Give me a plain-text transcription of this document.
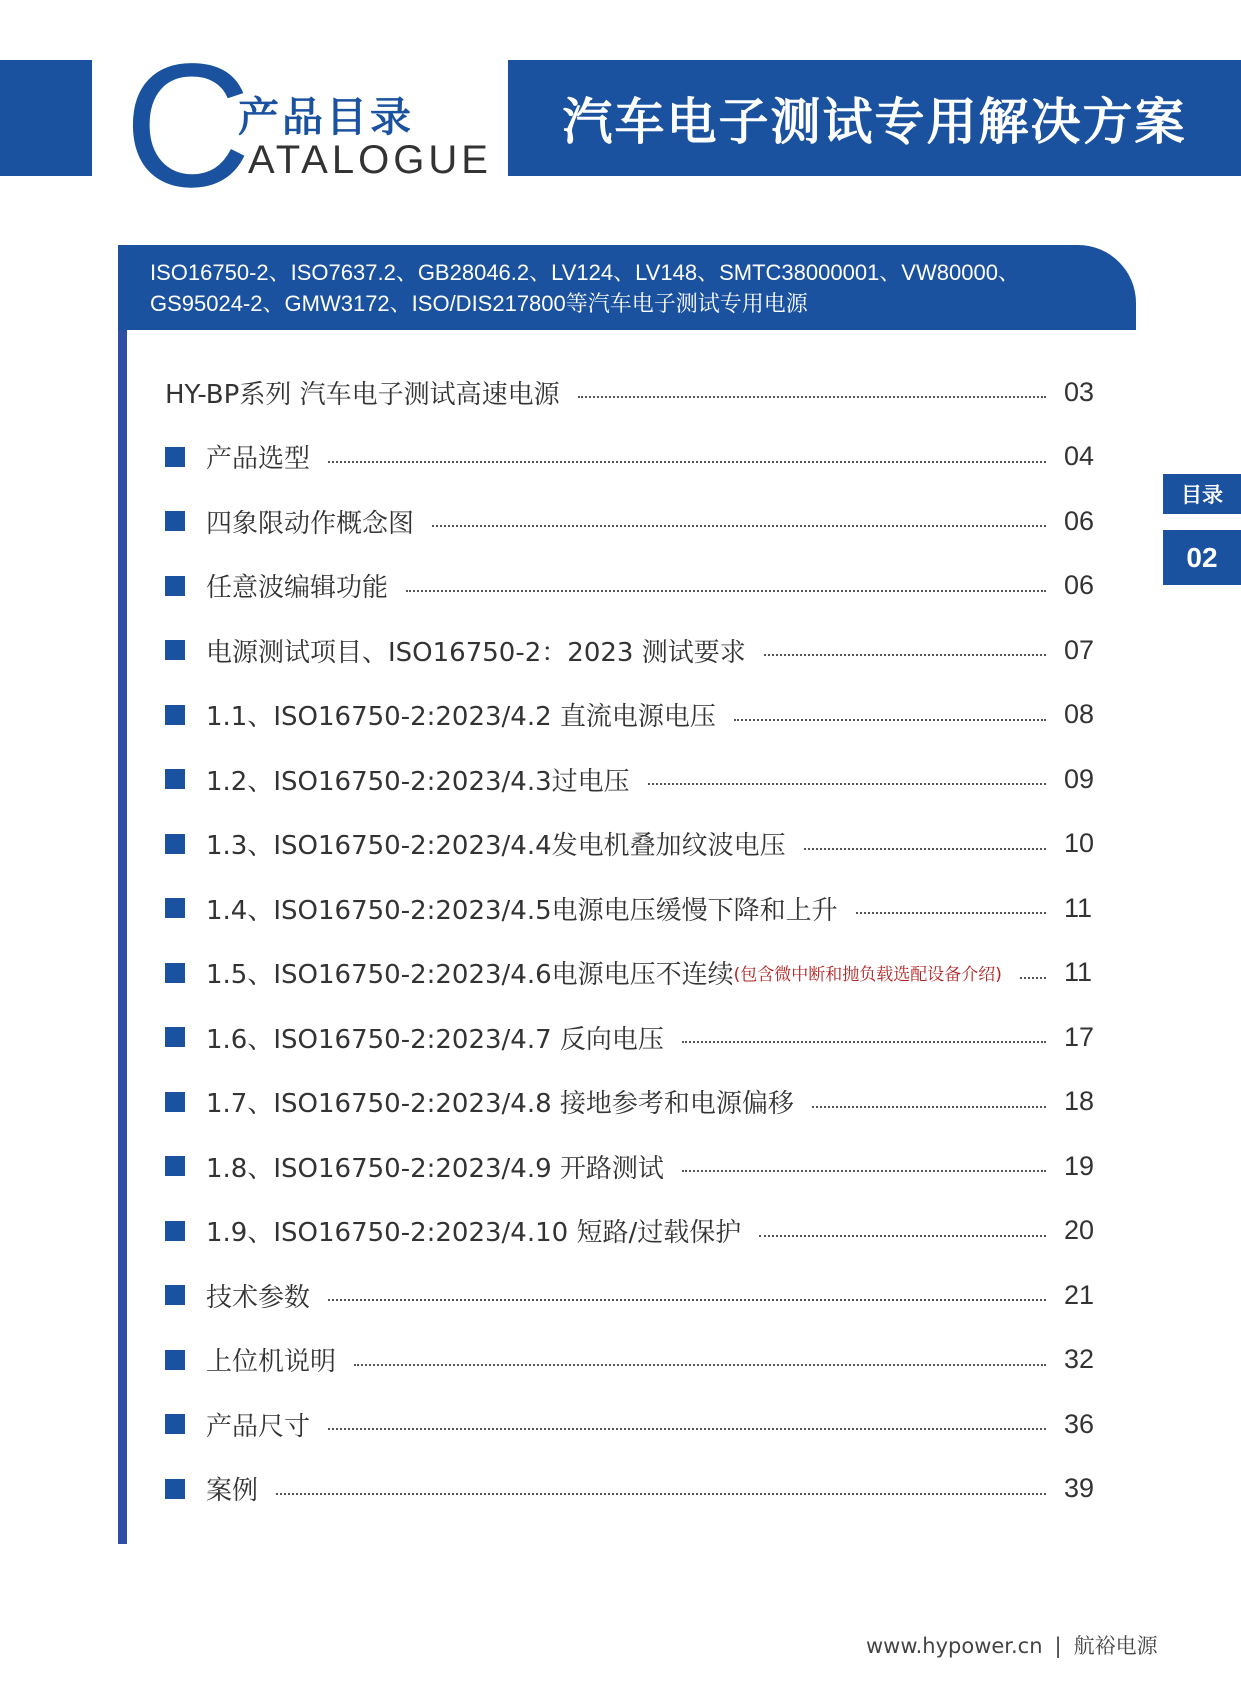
C
产品目录
ATALOGUE
汽车电子测试专用解决方案
ISO16750-2、ISO7637.2、GB28046.2、LV124、LV148、SMTC38000001、VW80000、
GS95024-2、GMW3172、ISO/DIS217800等汽车电子测试专用电源
HY-BP系列 汽车电子测试高速电源	03
产品选型	04
四象限动作概念图	06
任意波编辑功能	06
电源测试项目、ISO16750-2：2023 测试要求	07
1.1、ISO16750-2:2023/4.2 直流电源电压	08
1.2、ISO16750-2:2023/4.3过电压	09
1.3、ISO16750-2:2023/4.4发电机叠加纹波电压	10
1.4、ISO16750-2:2023/4.5电源电压缓慢下降和上升	11
1.5、ISO16750-2:2023/4.6电源电压不连续 (包含微中断和抛负载选配设备介绍) 11
1.6、ISO16750-2:2023/4.7 反向电压	17
1.7、ISO16750-2:2023/4.8 接地参考和电源偏移	18
1.8、ISO16750-2:2023/4.9 开路测试	19
1.9、ISO16750-2:2023/4.10 短路/过载保护	20
技术参数	21
上位机说明	32
产品尺寸	36
案例	39
目录
02
www.hypower.cn | 航裕电源
